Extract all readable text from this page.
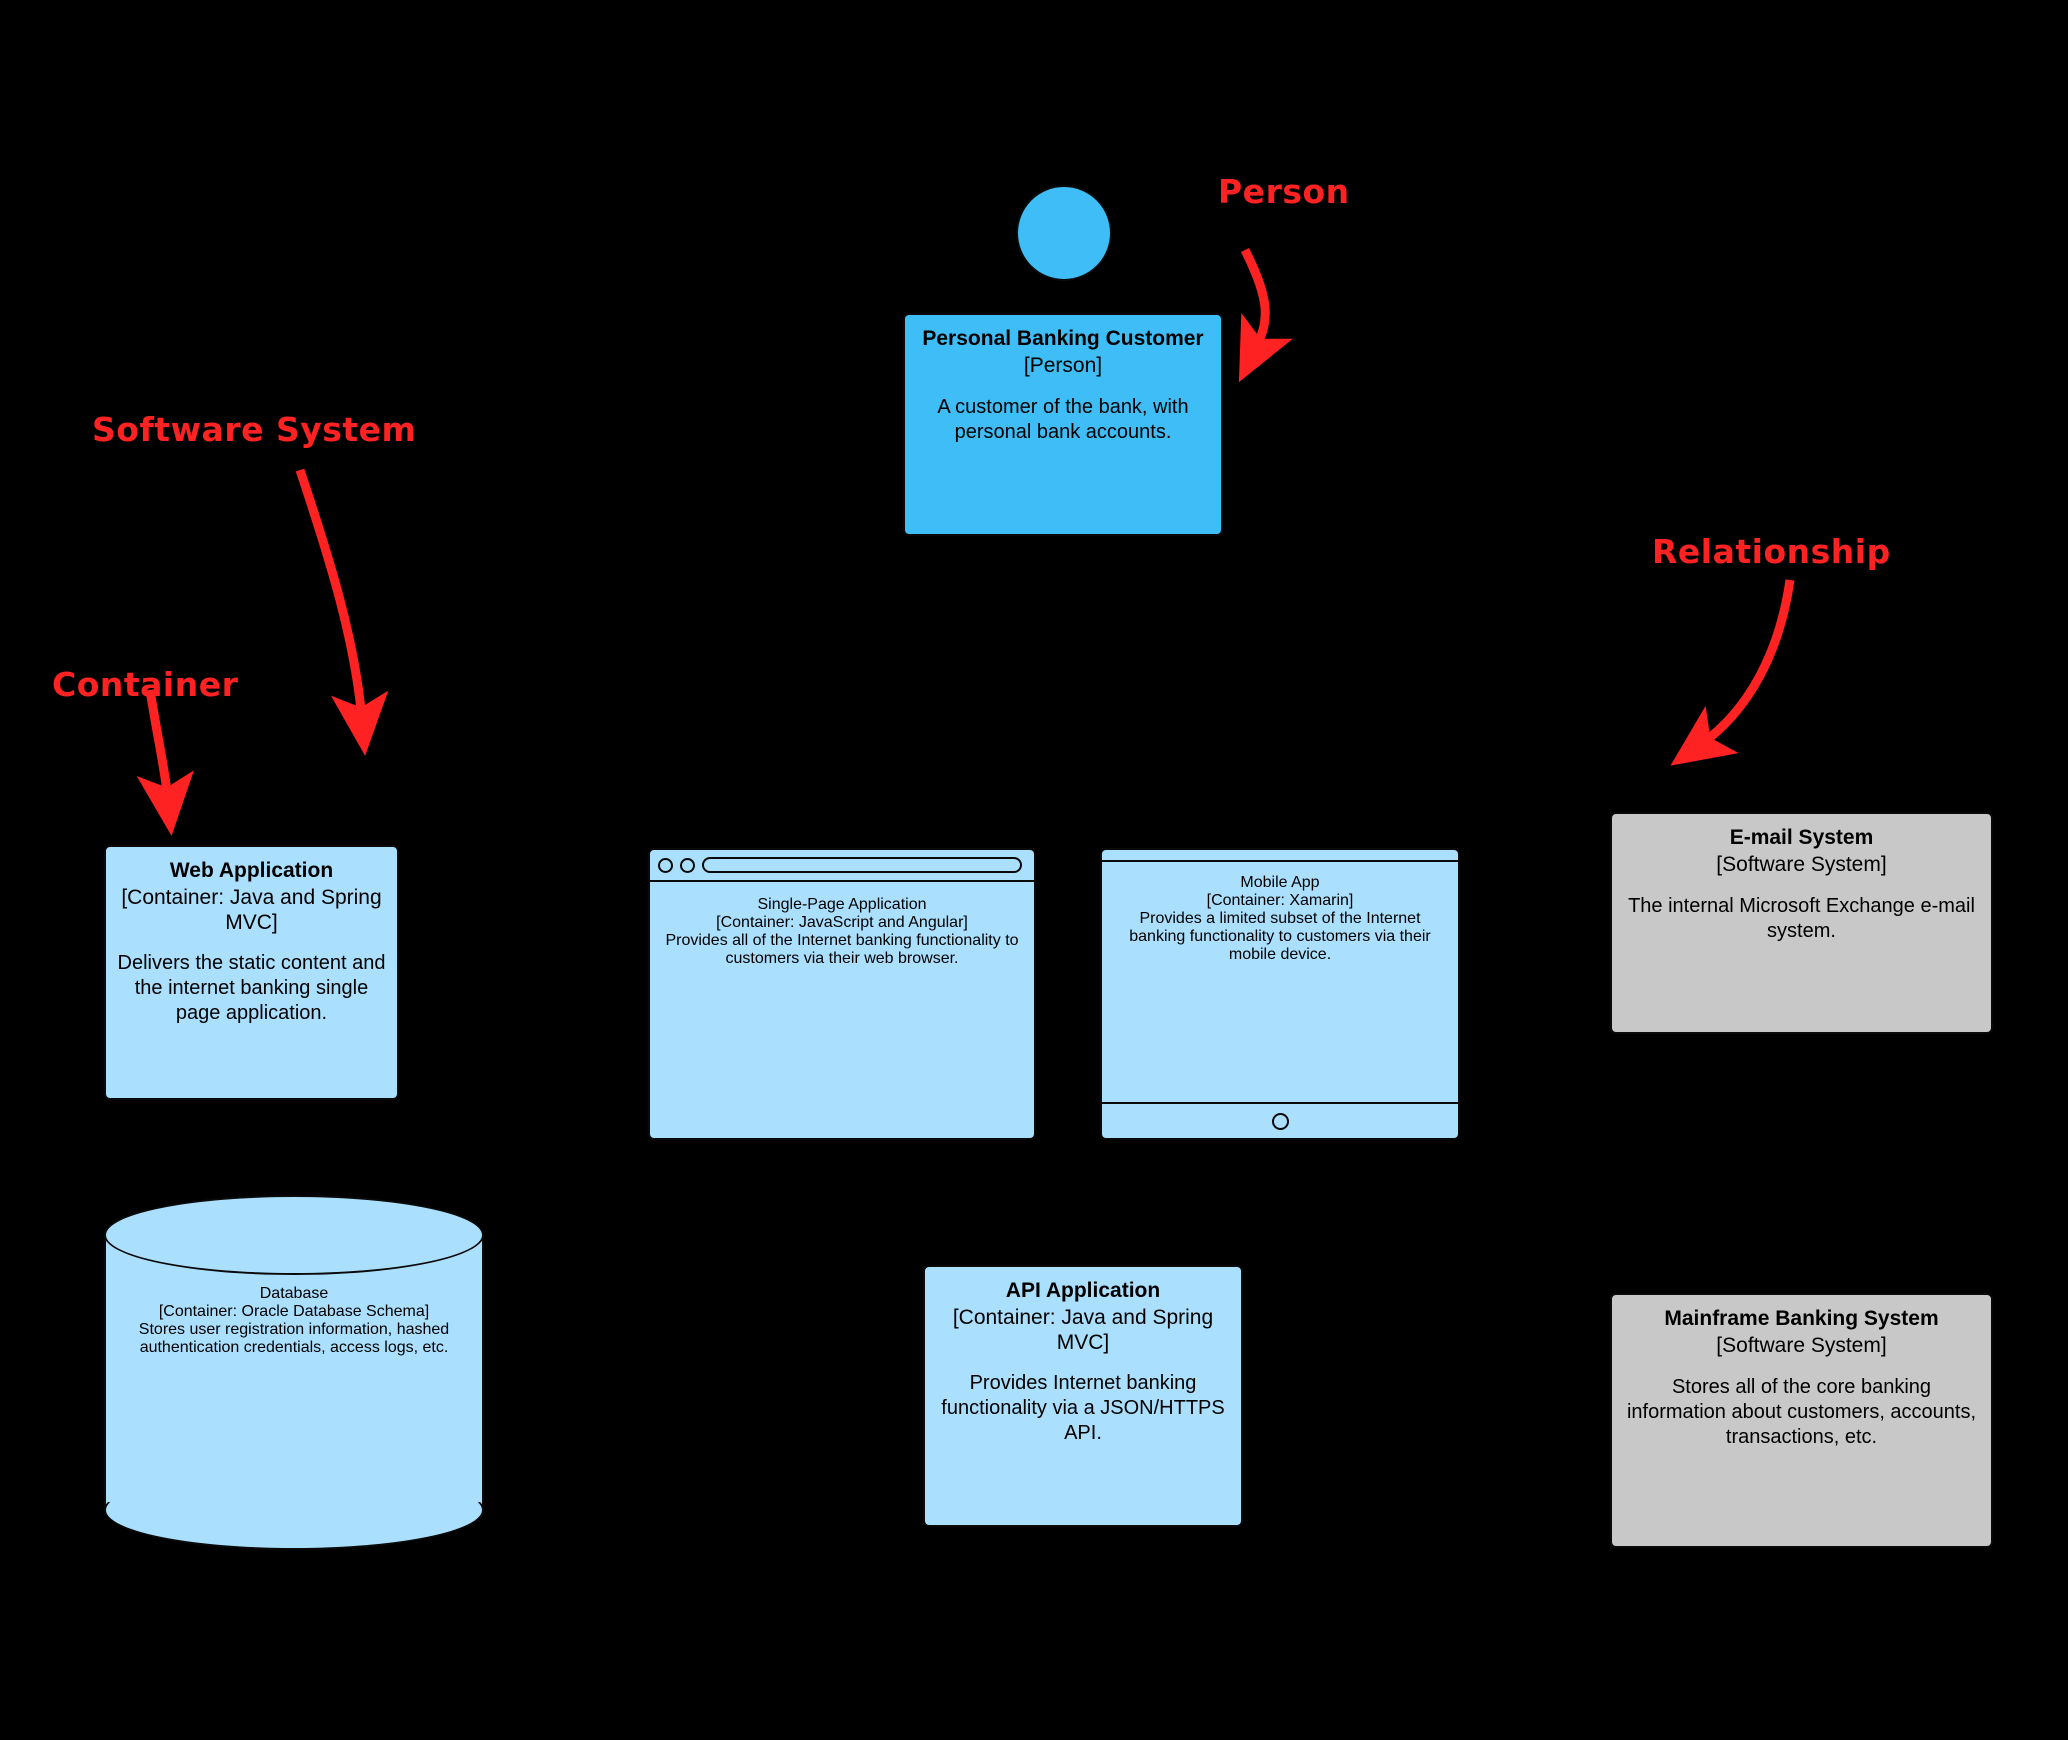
Person
Software System
Container
Relationship
Personal Banking Customer
[Person]
A customer of the bank, with personal bank accounts.
Web Application
[Container: Java and Spring MVC]
Delivers the static content and the internet banking single page application.
Single-Page Application
[Container: JavaScript and Angular]
Provides all of the Internet banking functionality to customers via their web browser.
Mobile App
[Container: Xamarin]
Provides a limited subset of the Internet banking functionality to customers via their mobile device.
E-mail System
[Software System]
The internal Microsoft Exchange e-mail system.
Database
[Container: Oracle Database Schema]
Stores user registration information, hashed authentication credentials, access logs, etc.
API Application
[Container: Java and Spring MVC]
Provides Internet banking functionality via a JSON/HTTPS API.
Mainframe Banking System
[Software System]
Stores all of the core banking information about customers, accounts, transactions, etc.
